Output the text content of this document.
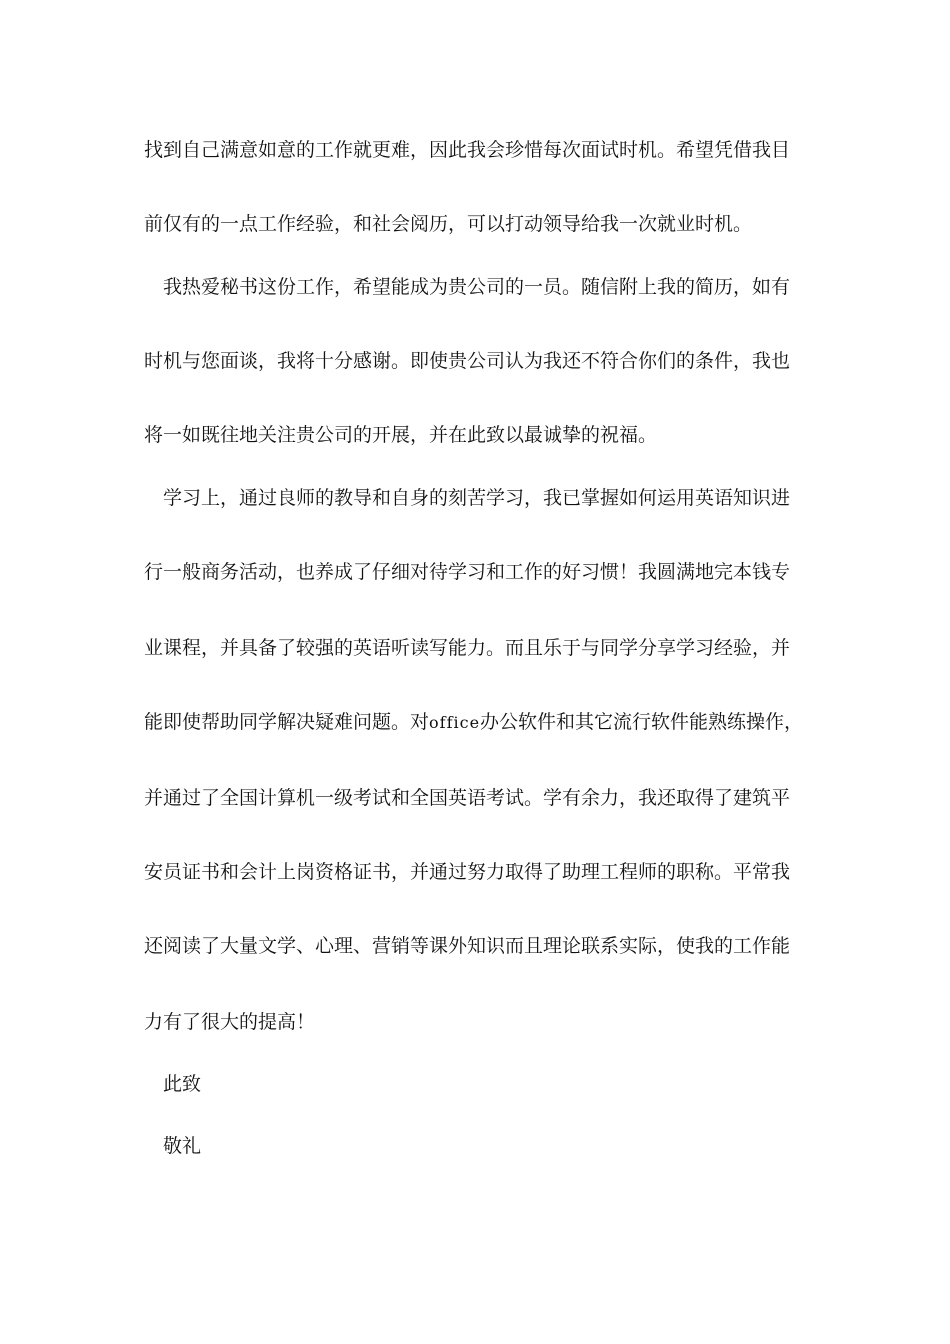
找到自己满意如意的工作就更难，因此我会珍惜每次面试时机。希望凭借我目
前仅有的一点工作经验，和社会阅历，可以打动领导给我一次就业时机。
我热爱秘书这份工作，希望能成为贵公司的一员。随信附上我的简历，如有
时机与您面谈，我将十分感谢。即使贵公司认为我还不符合你们的条件，我也
将一如既往地关注贵公司的开展，并在此致以最诚挚的祝福。
学习上，通过良师的教导和自身的刻苦学习，我已掌握如何运用英语知识进
行一般商务活动，也养成了仔细对待学习和工作的好习惯！我圆满地完本钱专
业课程，并具备了较强的英语听读写能力。而且乐于与同学分享学习经验，并
能即使帮助同学解决疑难问题。对office办公软件和其它流行软件能熟练操作，
并通过了全国计算机一级考试和全国英语考试。学有余力，我还取得了建筑平
安员证书和会计上岗资格证书，并通过努力取得了助理工程师的职称。平常我
还阅读了大量文学、心理、营销等课外知识而且理论联系实际，使我的工作能
力有了很大的提高！
此致
敬礼
